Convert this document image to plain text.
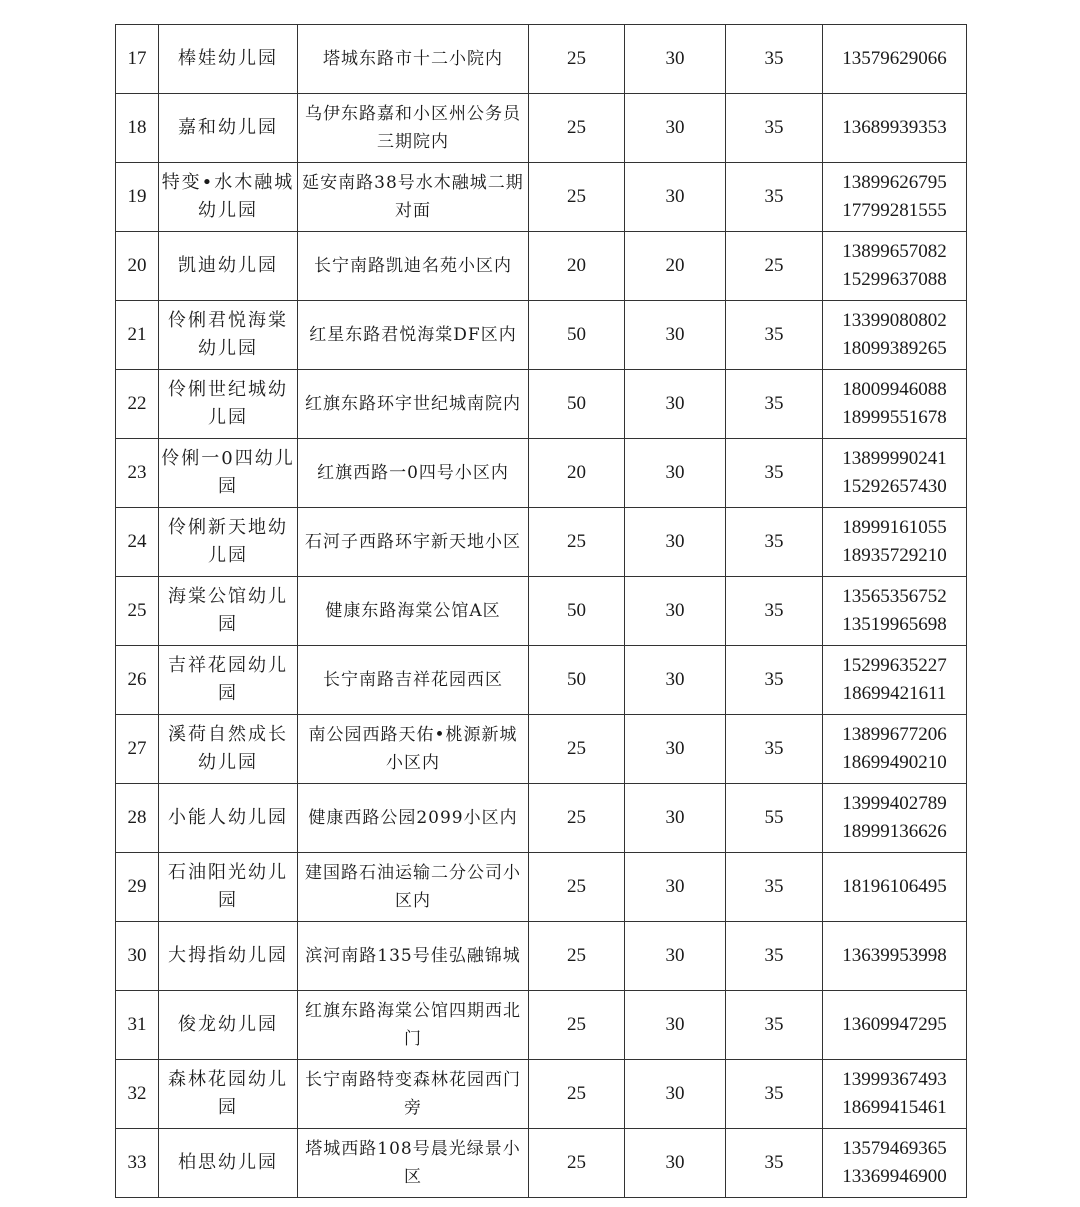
17	棒娃幼儿园	塔城东路市十二小院内	25	30	35	13579629066

18	嘉和幼儿园	乌伊东路嘉和小区州公务员三期院内	25	30	35	13689939353

19	特变•水木融城幼儿园	延安南路38号水木融城二期对面	25	30	35	13899626795
17799281555

20	凯迪幼儿园	长宁南路凯迪名苑小区内	20	20	25	13899657082
15299637088

21	伶俐君悦海棠幼儿园	红星东路君悦海棠DF区内	50	30	35	13399080802
18099389265

22	伶俐世纪城幼儿园	红旗东路环宇世纪城南院内	50	30	35	18009946088
18999551678

23	伶俐一0四幼儿园	红旗西路一0四号小区内	20	30	35	13899990241
15292657430

24	伶俐新天地幼儿园	石河子西路环宇新天地小区	25	30	35	18999161055
18935729210

25	海棠公馆幼儿园	健康东路海棠公馆A区	50	30	35	13565356752
13519965698

26	吉祥花园幼儿园	长宁南路吉祥花园西区	50	30	35	15299635227
18699421611

27	溪荷自然成长幼儿园	南公园西路天佑•桃源新城小区内	25	30	35	13899677206
18699490210

28	小能人幼儿园	健康西路公园2099小区内	25	30	55	13999402789
18999136626

29	石油阳光幼儿园	建国路石油运输二分公司小区内	25	30	35	18196106495

30	大拇指幼儿园	滨河南路135号佳弘融锦城	25	30	35	13639953998

31	俊龙幼儿园	红旗东路海棠公馆四期西北门	25	30	35	13609947295

32	森林花园幼儿园	长宁南路特变森林花园西门旁	25	30	35	13999367493
18699415461

33	柏思幼儿园	塔城西路108号晨光绿景小区	25	30	35	13579469365
13369946900
